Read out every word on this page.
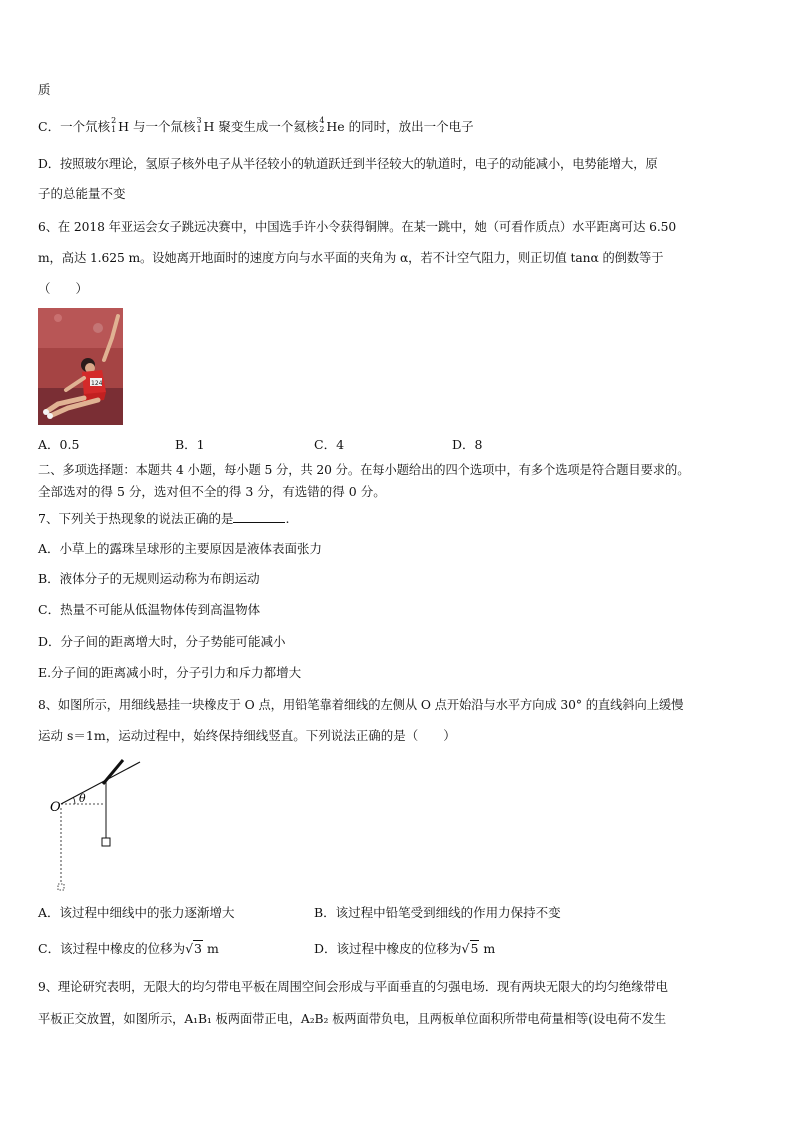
质
C．一个氘核 2
1 H 与一个氚核 3
1 H 聚变生成一个氦核 4
2 He 的同时，放出一个电子
D．按照玻尔理论，氢原子核外电子从半径较小的轨道跃迁到半径较大的轨道时，电子的动能减小，电势能增大，原
子的总能量不变
6、在 2018 年亚运会女子跳远决赛中，中国选手许小令获得铜牌。在某一跳中，她（可看作质点）水平距离可达 6.50
m，高达 1.625 m。设她离开地面时的速度方向与水平面的夹角为 α，若不计空气阻力，则正切值 tanα 的倒数等于
（　　）
124
A．0.5	B．1	C．4	D．8
二、多项选择题：本题共 4 小题，每小题 5 分，共 20 分。在每小题给出的四个选项中，有多个选项是符合题目要求的。
全部选对的得 5 分，选对但不全的得 3 分，有选错的得 0 分。
7、下列关于热现象的说法正确的是	.
A．小草上的露珠呈球形的主要原因是液体表面张力
B．液体分子的无规则运动称为布朗运动
C．热量不可能从低温物体传到高温物体
D．分子间的距离增大时，分子势能可能减小
E.分子间的距离减小时，分子引力和斥力都增大
8、如图所示，用细线悬挂一块橡皮于 O 点，用铅笔靠着细线的左侧从 O 点开始沿与水平方向成 30° 的直线斜向上缓慢
运动 s＝1m，运动过程中，始终保持细线竖直。下列说法正确的是（　　）
θ
O
A．该过程中细线中的张力逐渐增大	B．该过程中铅笔受到细线的作用力保持不变
C．该过程中橡皮的位移为√3 m	D．该过程中橡皮的位移为√5 m
9、理论研究表明，无限大的均匀带电平板在周围空间会形成与平面垂直的匀强电场．现有两块无限大的均匀绝缘带电
平板正交放置，如图所示，A₁B₁ 板两面带正电，A₂B₂ 板两面带负电，且两板单位面积所带电荷量相等(设电荷不发生
